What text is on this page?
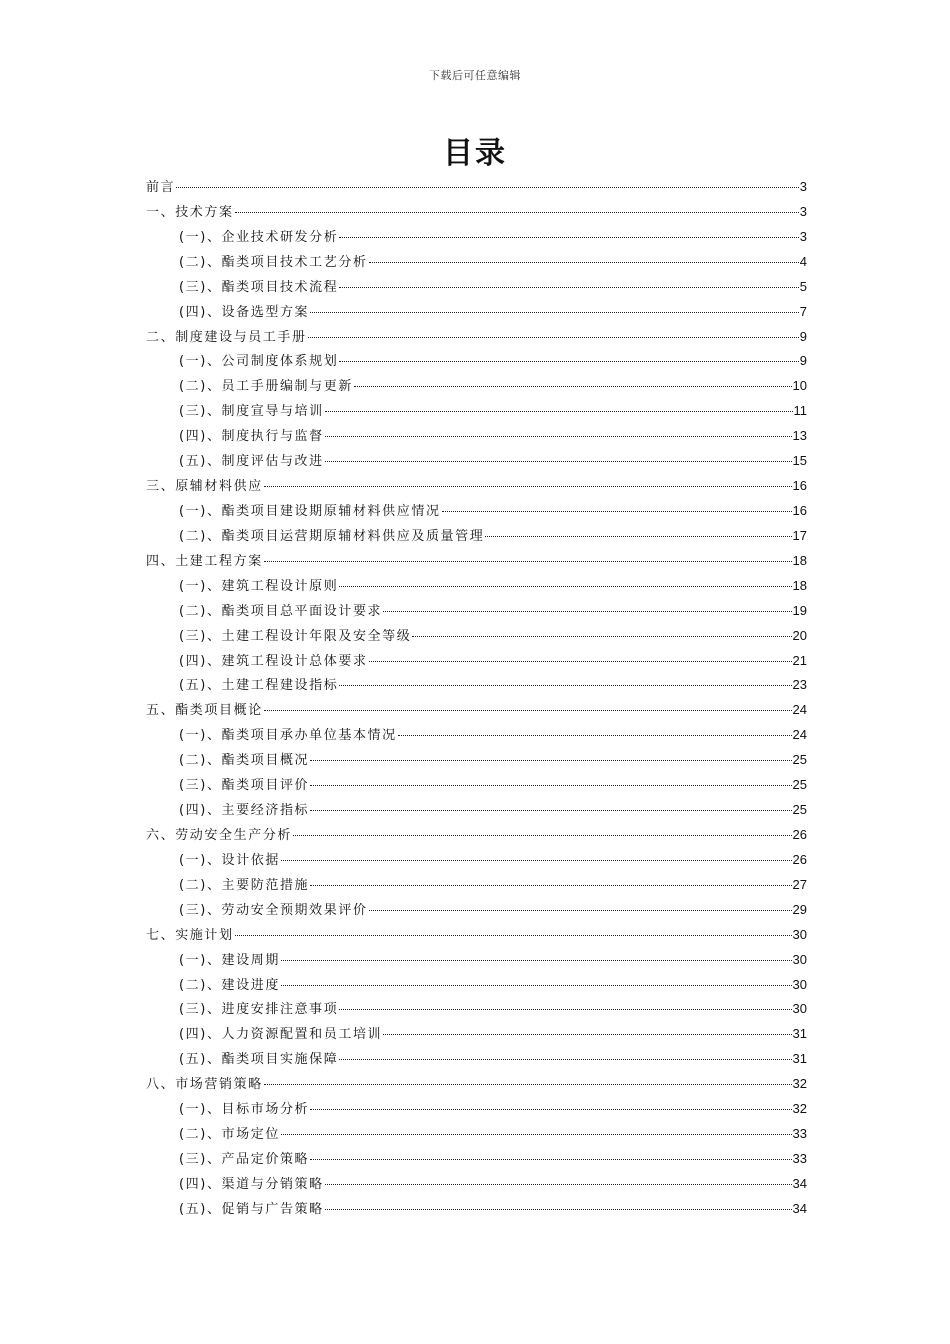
下载后可任意编辑
目录
前言	3
一、技术方案	3
(一)、企业技术研发分析	3
(二)、酯类项目技术工艺分析	4
(三)、酯类项目技术流程	5
(四)、设备选型方案	7
二、制度建设与员工手册	9
(一)、公司制度体系规划	9
(二)、员工手册编制与更新	10
(三)、制度宣导与培训	11
(四)、制度执行与监督	13
(五)、制度评估与改进	15
三、原辅材料供应	16
(一)、酯类项目建设期原辅材料供应情况	16
(二)、酯类项目运营期原辅材料供应及质量管理	17
四、土建工程方案	18
(一)、建筑工程设计原则	18
(二)、酯类项目总平面设计要求	19
(三)、土建工程设计年限及安全等级	20
(四)、建筑工程设计总体要求	21
(五)、土建工程建设指标	23
五、酯类项目概论	24
(一)、酯类项目承办单位基本情况	24
(二)、酯类项目概况	25
(三)、酯类项目评价	25
(四)、主要经济指标	25
六、劳动安全生产分析	26
(一)、设计依据	26
(二)、主要防范措施	27
(三)、劳动安全预期效果评价	29
七、实施计划	30
(一)、建设周期	30
(二)、建设进度	30
(三)、进度安排注意事项	30
(四)、人力资源配置和员工培训	31
(五)、酯类项目实施保障	31
八、市场营销策略	32
(一)、目标市场分析	32
(二)、市场定位	33
(三)、产品定价策略	33
(四)、渠道与分销策略	34
(五)、促销与广告策略	34
